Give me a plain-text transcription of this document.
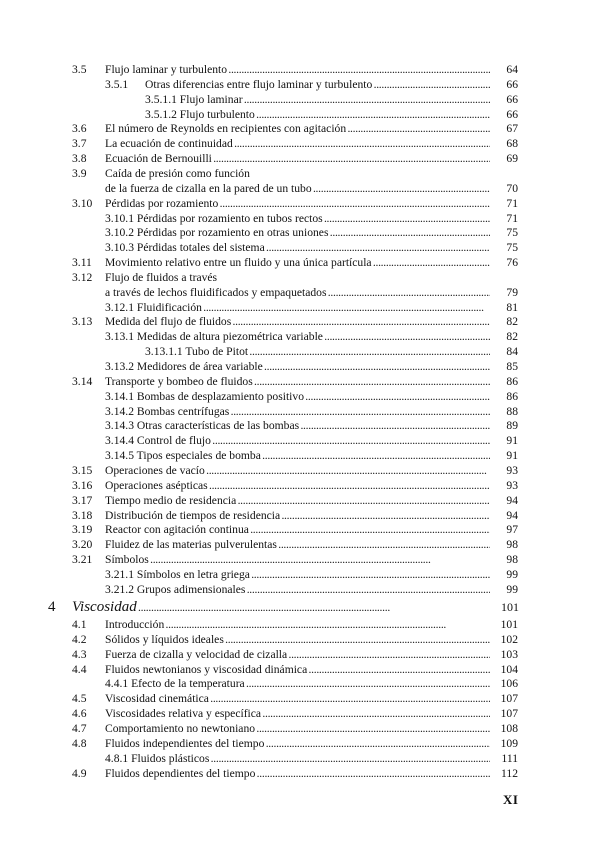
3.5 Flujo laminar y turbulento . . .	64
3.5.1 Otras diferencias entre flujo laminar y turbulento . . .	66
3.5.1.1 Flujo laminar . . .	66
3.5.1.2 Flujo turbulento . . .	66
3.6 El número de Reynolds en recipientes con agitación . . .	67
3.7 La ecuación de continuidad . . .	68
3.8 Ecuación de Bernouilli . . .	69
3.9 Caída de presión como función
de la fuerza de cizalla en la pared de un tubo . . .	70
3.10 Pérdidas por rozamiento . . .	71
3.10.1 Pérdidas por rozamiento en tubos rectos . . .	71
3.10.2 Pérdidas por rozamiento en otras uniones . . .	75
3.10.3 Pérdidas totales del sistema . . .	75
3.11 Movimiento relativo entre un fluido y una única partícula . . .	76
3.12 Flujo de fluidos a través
a través de lechos fluidificados y empaquetados . . .	79
3.12.1 Fluidificación . . .	81
3.13 Medida del flujo de fluidos . . .	82
3.13.1 Medidas de altura piezométrica variable . . .	82
3.13.1.1 Tubo de Pitot . . .	84
3.13.2 Medidores de área variable . . .	85
3.14 Transporte y bombeo de fluidos . . .	86
3.14.1 Bombas de desplazamiento positivo . . .	86
3.14.2 Bombas centrífugas . . .	88
3.14.3 Otras características de las bombas . . .	89
3.14.4 Control de flujo . . .	91
3.14.5 Tipos especiales de bomba . . .	91
3.15 Operaciones de vacío . . .	93
3.16 Operaciones asépticas . . .	93
3.17 Tiempo medio de residencia . . .	94
3.18 Distribución de tiempos de residencia . . .	94
3.19 Reactor con agitación continua . . .	97
3.20 Fluidez de las materias pulverulentas . . .	98
3.21 Símbolos . . .	98
3.21.1 Símbolos en letra griega . . .	99
3.21.2 Grupos adimensionales . . .	99
4 Viscosidad . . .	101
4.1 Introducción . . .	101
4.2 Sólidos y líquidos ideales . . .	102
4.3 Fuerza de cizalla y velocidad de cizalla . . .	103
4.4 Fluidos newtonianos y viscosidad dinámica . . .	104
4.4.1 Efecto de la temperatura . . .	106
4.5 Viscosidad cinemática . . .	107
4.6 Viscosidades relativa y específica . . .	107
4.7 Comportamiento no newtoniano . . .	108
4.8 Fluidos independientes del tiempo . . .	109
4.8.1 Fluidos plásticos . . .	111
4.9 Fluidos dependientes del tiempo . . .	112
XI
